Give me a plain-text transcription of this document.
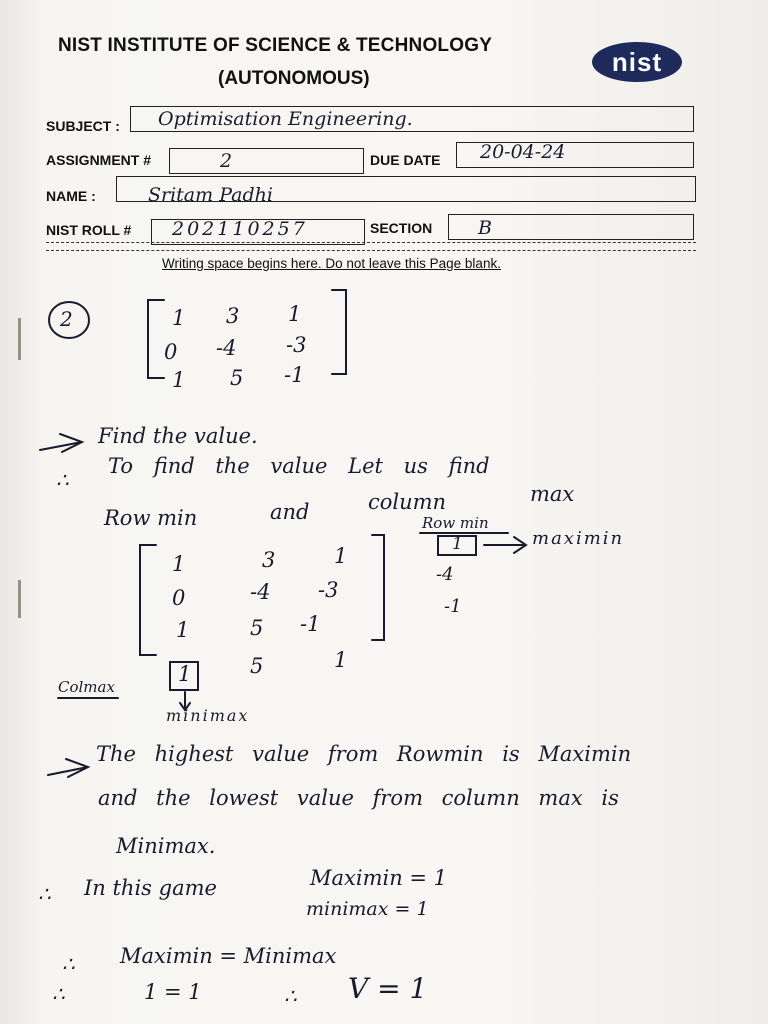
NIST INSTITUTE OF SCIENCE & TECHNOLOGY
(AUTONOMOUS)
nist
SUBJECT : Optimisation Engineering.
ASSIGNMENT #	2	DUE DATE 20-04-24
NAME :	Sritam Padhi
NIST ROLL # 202110257	SECTION B
Writing space begins here. Do not leave this Page blank.
2	1 3 1
0 -4 -3
1 5 -1
Find the value.
∴
To find the value Let us find
Row min	and	column	max
Row min
1	maximin
-4
-1
1	3	1
0	-4 -3
1	5 -1
Colmax
1	5	1
minimax
The highest value from Rowmin is Maximin
and the lowest value from column max is
Minimax.
∴ In this game	Maximin = 1
minimax = 1
∴ Maximin = Minimax
∴	1 = 1	∴ V = 1
